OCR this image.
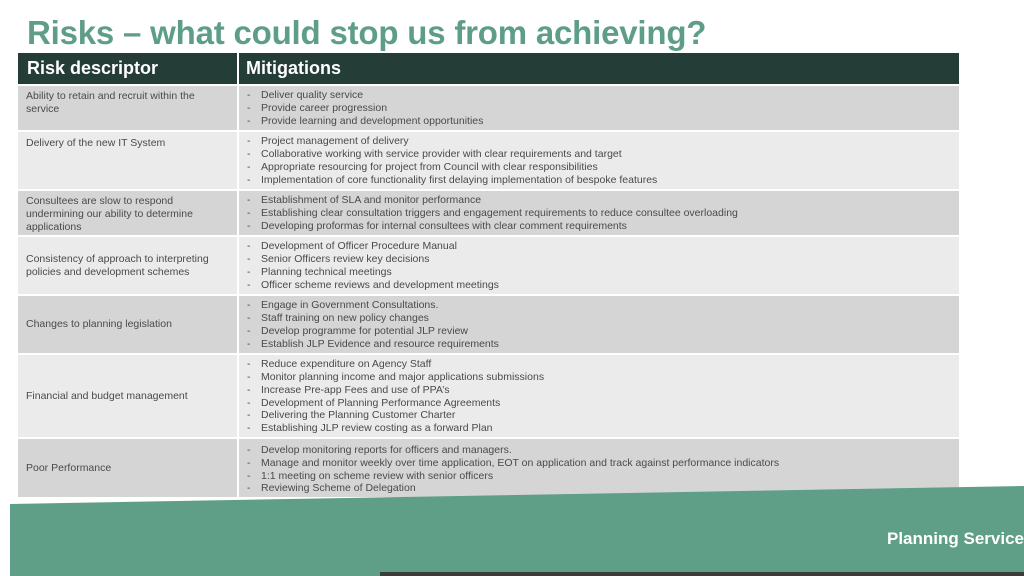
Risks – what could stop us from achieving?
Risk descriptor	Mitigations
Ability to retain and recruit within the service
-	Deliver quality service
-	Provide career progression
-	Provide learning and development opportunities
Delivery of the new IT System	-	Project management of delivery
-	Collaborative working with service provider with clear requirements and target
-	Appropriate resourcing for project from Council with clear responsibilities
-	Implementation of core functionality first delaying implementation of bespoke features
Consultees are slow to respond undermining our ability to determine applications
-	Establishment of SLA and monitor performance
-	Establishing clear consultation triggers and engagement requirements to reduce consultee overloading
-	Developing proformas for internal consultees with clear comment requirements
Consistency of approach to interpreting policies and development schemes
-	Development of Officer Procedure Manual
-	Senior Officers review key decisions
-	Planning technical meetings
-	Officer scheme reviews and development meetings
Changes to planning legislation
-	Engage in Government Consultations.
-	Staff training on new policy changes
-	Develop programme for potential JLP review
-	Establish JLP Evidence and resource requirements
Financial and budget management
-	Reduce expenditure on Agency Staff
-	Monitor planning income and major applications submissions
-	Increase Pre-app Fees and use of PPA’s
-	Development of Planning Performance Agreements
-	Delivering the Planning Customer Charter
-	Establishing JLP review costing as a forward Plan
Poor Performance
-	Develop monitoring reports for officers and managers.
-	Manage and monitor weekly over time application, EOT on application and track against performance indicators
-	1:1 meeting on scheme review with senior officers
-	Reviewing Scheme of Delegation
Planning Service
